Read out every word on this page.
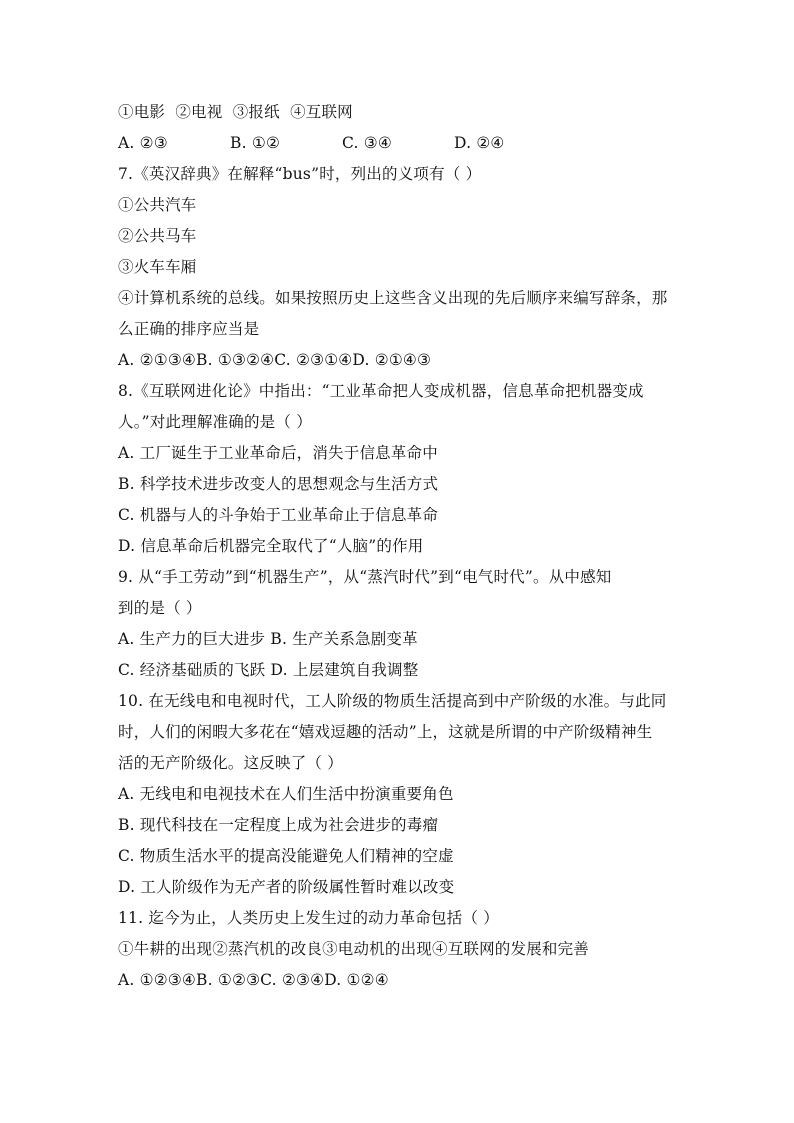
①电影  ②电视  ③报纸  ④互联网
A. ②③	B. ①②	C. ③④	D. ②④
7.《英汉辞典》在解释“bus”时，列出的义项有（ ）
①公共汽车
②公共马车
③火车车厢
④计算机系统的总线。如果按照历史上这些含义出现的先后顺序来编写辞条，那
么正确的排序应当是
A. ②①③④B. ①③②④C. ②③①④D. ②①④③
8.《互联网进化论》中指出：“工业革命把人变成机器，信息革命把机器变成
人。”对此理解准确的是（ ）
A. 工厂诞生于工业革命后，消失于信息革命中
B. 科学技术进步改变人的思想观念与生活方式
C. 机器与人的斗争始于工业革命止于信息革命
D. 信息革命后机器完全取代了“人脑”的作用
9. 从“手工劳动”到“机器生产”，从“蒸汽时代”到“电气时代”。从中感知
到的是（ ）
A. 生产力的巨大进步 B. 生产关系急剧变革
C. 经济基础质的飞跃 D. 上层建筑自我调整
10. 在无线电和电视时代，工人阶级的物质生活提高到中产阶级的水准。与此同
时，人们的闲暇大多花在“嬉戏逗趣的活动”上，这就是所谓的中产阶级精神生
活的无产阶级化。这反映了（ ）
A. 无线电和电视技术在人们生活中扮演重要角色
B. 现代科技在一定程度上成为社会进步的毒瘤
C. 物质生活水平的提高没能避免人们精神的空虚
D. 工人阶级作为无产者的阶级属性暂时难以改变
11. 迄今为止，人类历史上发生过的动力革命包括（ ）
①牛耕的出现②蒸汽机的改良③电动机的出现④互联网的发展和完善
A. ①②③④B. ①②③C. ②③④D. ①②④
